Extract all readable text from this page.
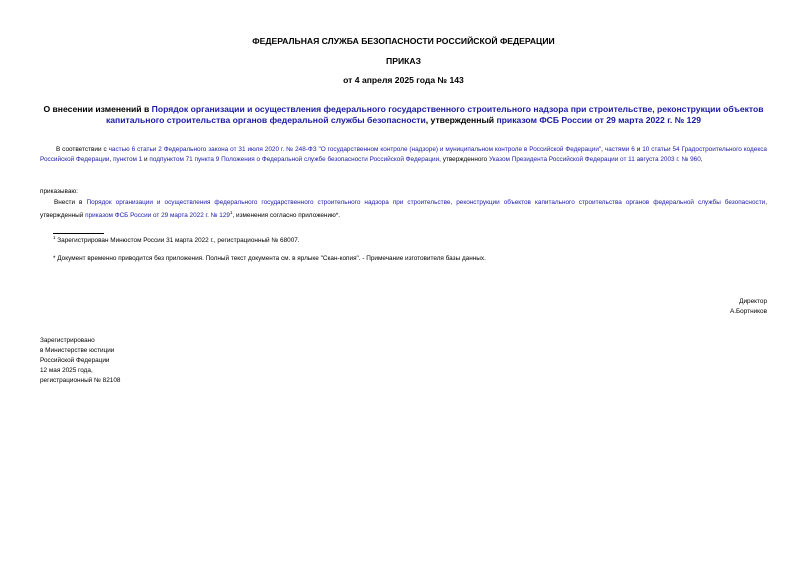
ФЕДЕРАЛЬНАЯ СЛУЖБА БЕЗОПАСНОСТИ РОССИЙСКОЙ ФЕДЕРАЦИИ
ПРИКАЗ
от 4 апреля 2025 года № 143
О внесении изменений в Порядок организации и осуществления федерального государственного строительного надзора при строительстве, реконструкции объектов капитального строительства органов федеральной службы безопасности, утвержденный приказом ФСБ России от 29 марта 2022 г. № 129
В соответствии с частью 6 статьи 2 Федерального закона от 31 июля 2020 г. № 248-ФЗ "О государственном контроле (надзоре) и муниципальном контроле в Российской Федерации", частями 6 и 10 статьи 54 Градостроительного кодекса Российской Федерации, пунктом 1 и подпунктом 71 пункта 9 Положения о Федеральной службе безопасности Российской Федерации, утвержденного Указом Президента Российской Федерации от 11 августа 2003 г. № 960,
приказываю:
Внести в Порядок организации и осуществления федерального государственного строительного надзора при строительстве, реконструкции объектов капитального строительства органов федеральной службы безопасности, утвержденный приказом ФСБ России от 29 марта 2022 г. № $129^1$, изменения согласно приложению*.
$^1$ Зарегистрирован Минюстом России 31 марта 2022 г., регистрационный № 68007.
* Документ временно приводится без приложения. Полный текст документа см. в ярлыке "Скан-копия". - Примечание изготовителя базы данных.
Директор
А.Бортников
Зарегистрировано
в Министерстве юстиции
Российской Федерации
12 мая 2025 года,
регистрационный № 82108
